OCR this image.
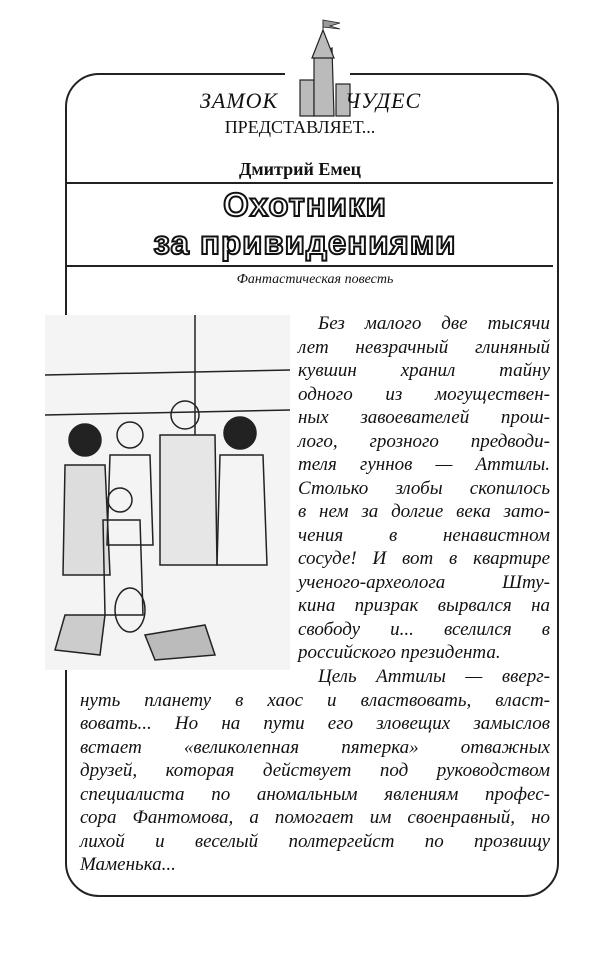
ЗАМОК	ЧУДЕС
ПРЕДСТАВЛЯЕТ...
Дмитрий Емец
Охотники
за привидениями
Фантастическая повесть
Без малого две тысячи
лет невзрачный глиняный
кувшин хранил тайну
одного из могуществен-
ных завоевателей прош-
лого, грозного предводи-
теля гуннов — Аттилы.
Столько злобы скопилось
в нем за долгие века зато-
чения в ненавистном
сосуде! И вот в квартире
ученого-археолога Шту-
кина призрак вырвался на
свободу и... вселился в
российского президента.
Цель Аттилы — вверг-
нуть планету в хаос и властвовать, власт-
вовать... Но на пути его зловещих замыслов
встает «великолепная пятерка» отважных
друзей, которая действует под руководством
специалиста по аномальным явлениям профес-
сора Фантомова, а помогает им своенравный, но
лихой и веселый полтергейст по прозвищу
Маменька...
